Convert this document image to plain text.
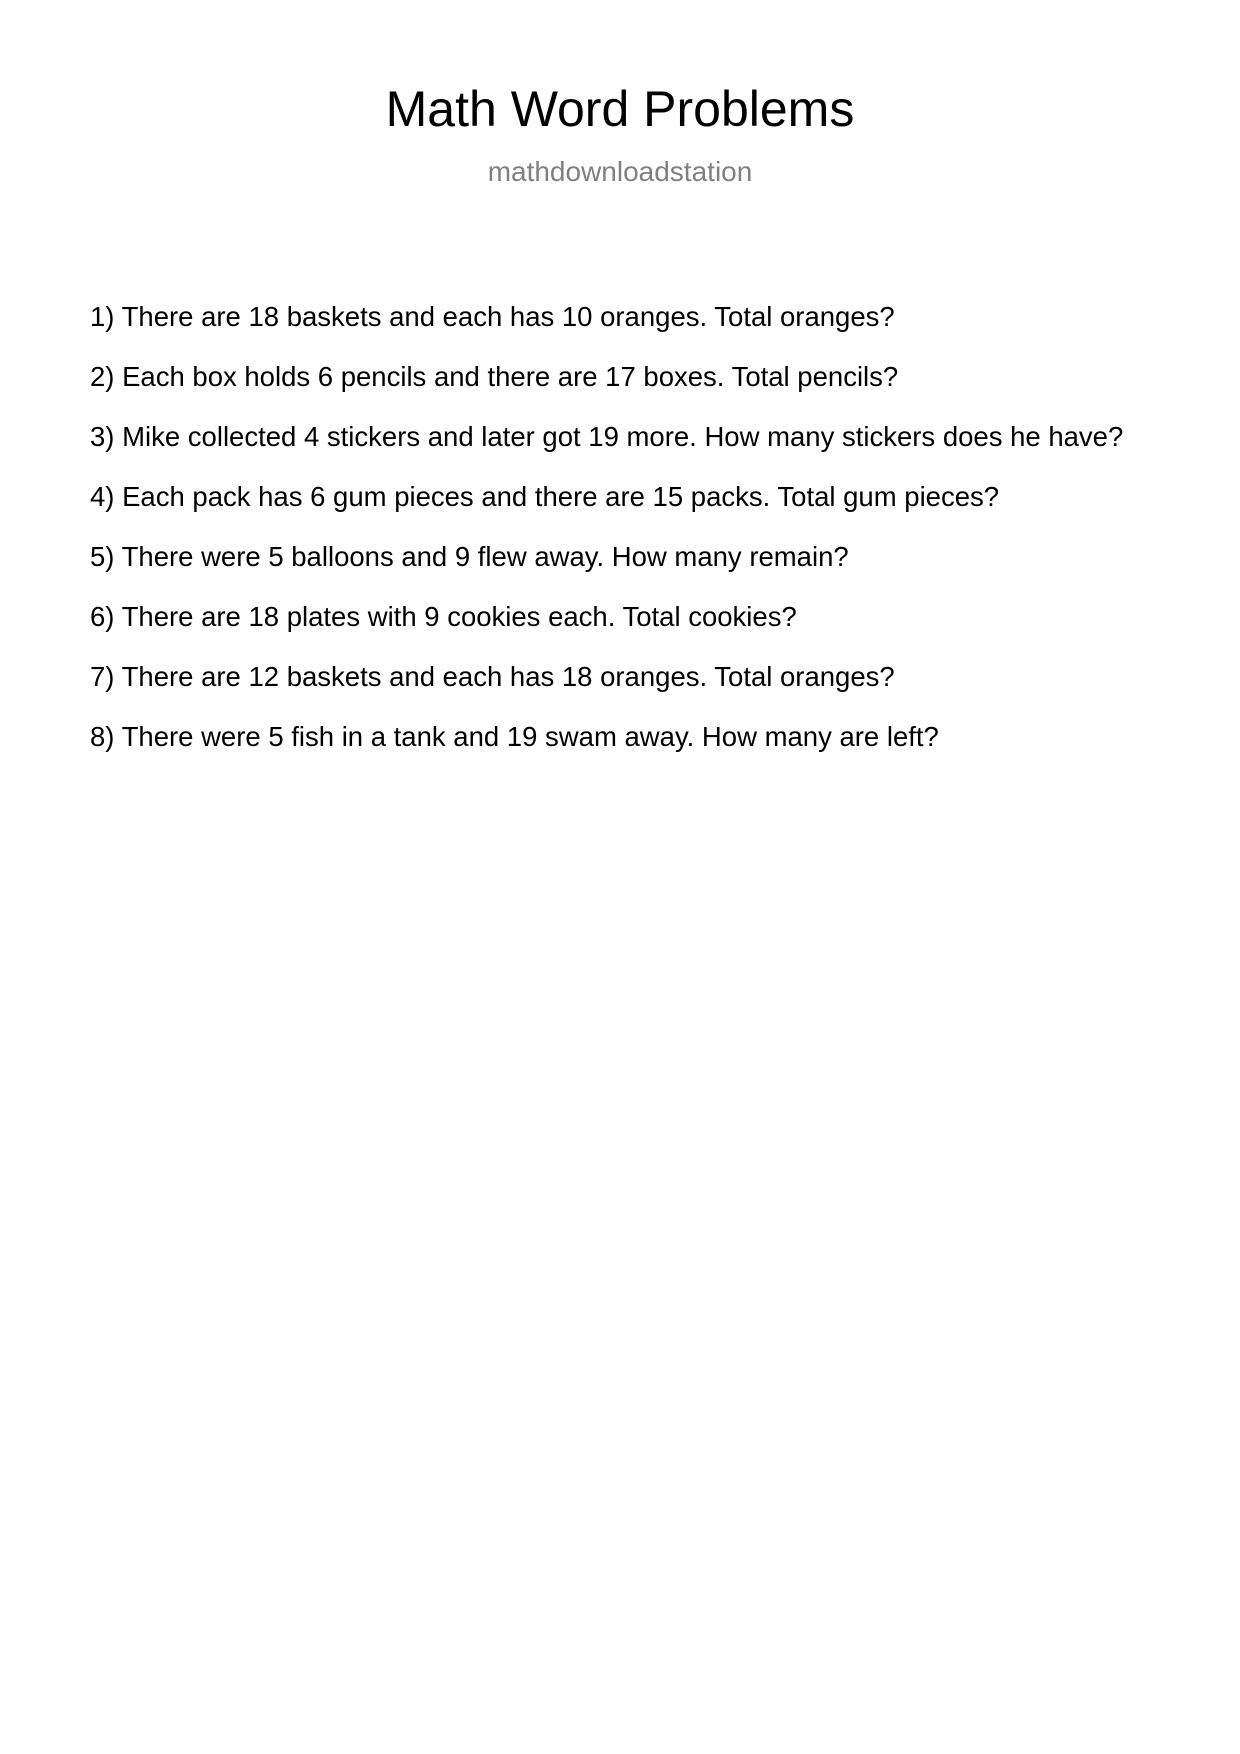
Math Word Problems
mathdownloadstation
1) There are 18 baskets and each has 10 oranges. Total oranges?
2) Each box holds 6 pencils and there are 17 boxes. Total pencils?
3) Mike collected 4 stickers and later got 19 more. How many stickers does he have?
4) Each pack has 6 gum pieces and there are 15 packs. Total gum pieces?
5) There were 5 balloons and 9 flew away. How many remain?
6) There are 18 plates with 9 cookies each. Total cookies?
7) There are 12 baskets and each has 18 oranges. Total oranges?
8) There were 5 fish in a tank and 19 swam away. How many are left?
